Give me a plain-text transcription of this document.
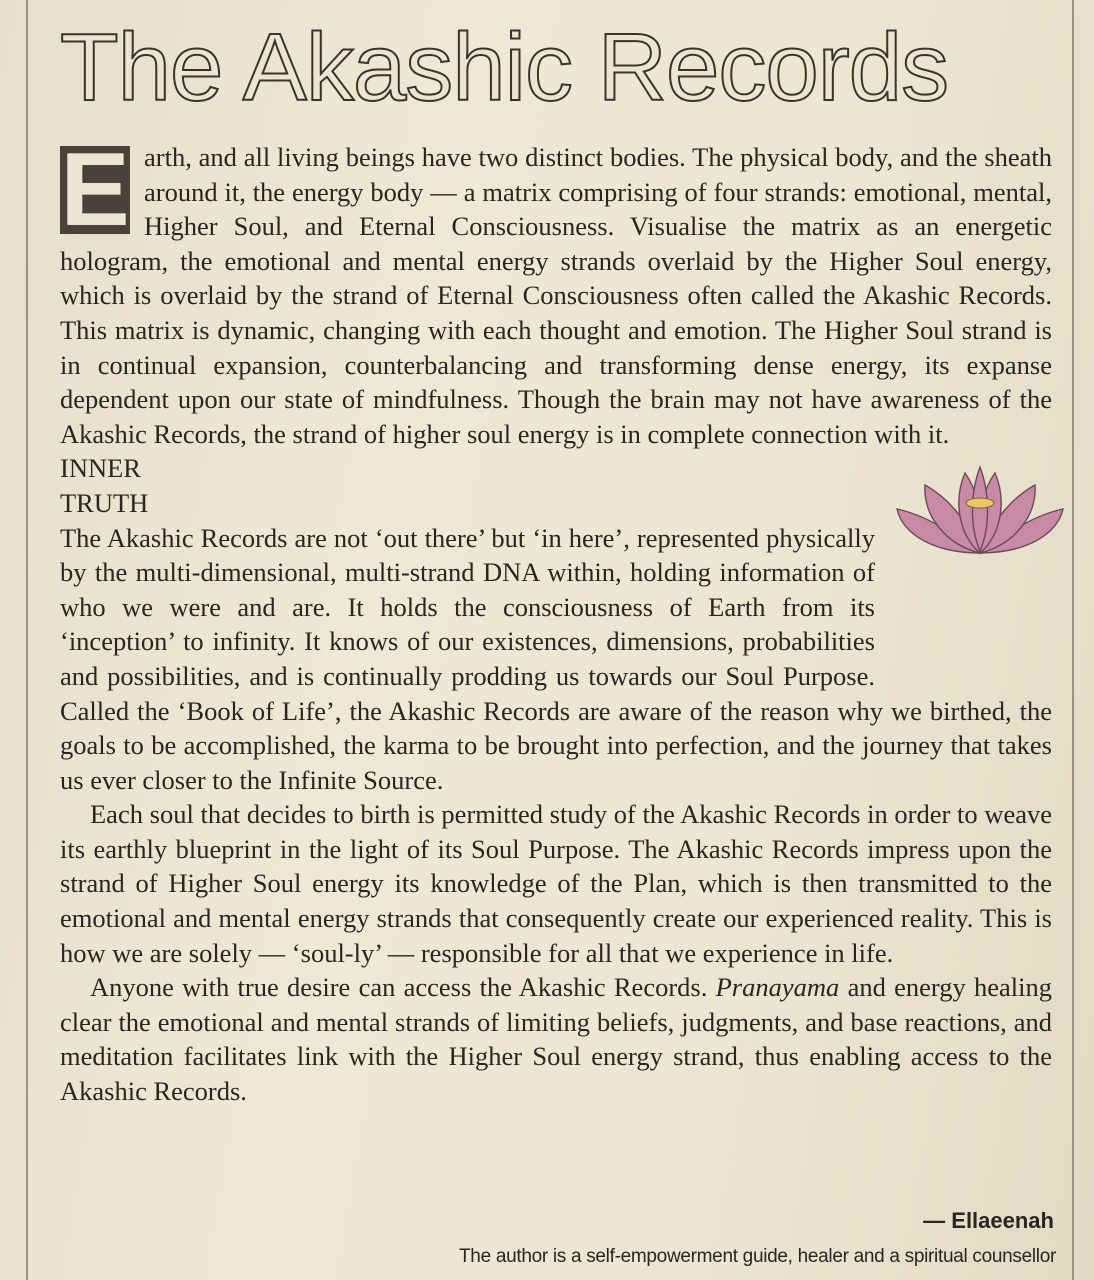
The Akashic Records

E arth, and all living beings have two distinct bodies. The physical body, and the sheath around it, the energy body — a matrix comprising of four strands: emotional, mental, Higher Soul, and Eternal Consciousness. Visualise the matrix as an energetic hologram, the emotional and mental energy strands overlaid by the Higher Soul energy, which is overlaid by the strand of Eternal Consciousness often called the Akashic Records. This matrix is dynamic, changing with each thought and emotion. The Higher Soul strand is in continual expansion, counterbalancing and transforming dense energy, its expanse dependent upon our state of mindfulness. Though the brain may not have awareness of the Akashic Records, the strand of higher soul energy is in complete connection with it.

INNER
TRUTH
The Akashic Records are not ‘out there’ but ‘in here’, represented physically by the multi-dimensional, multi-strand DNA within, holding information of who we were and are. It holds the consciousness of Earth from its ‘inception’ to infinity. It knows of our existences, dimensions, probabilities and possibilities, and is continually prodding us towards our Soul Purpose. Called the ‘Book of Life’, the Akashic Records are aware of the reason why we birthed, the goals to be accomplished, the karma to be brought into perfection, and the journey that takes us ever closer to the Infinite Source.

Each soul that decides to birth is permitted study of the Akashic Records in order to weave its earthly blueprint in the light of its Soul Purpose. The Akashic Records impress upon the strand of Higher Soul energy its knowledge of the Plan, which is then transmitted to the emotional and mental energy strands that consequently create our experienced reality. This is how we are solely — ‘soul-ly’ — responsible for all that we experience in life.

Anyone with true desire can access the Akashic Records. Pranayama and energy healing clear the emotional and mental strands of limiting beliefs, judgments, and base reactions, and meditation facilitates link with the Higher Soul energy strand, thus enabling access to the Akashic Records.

— Ellaeenah
The author is a self-empowerment guide, healer and a spiritual counsellor
